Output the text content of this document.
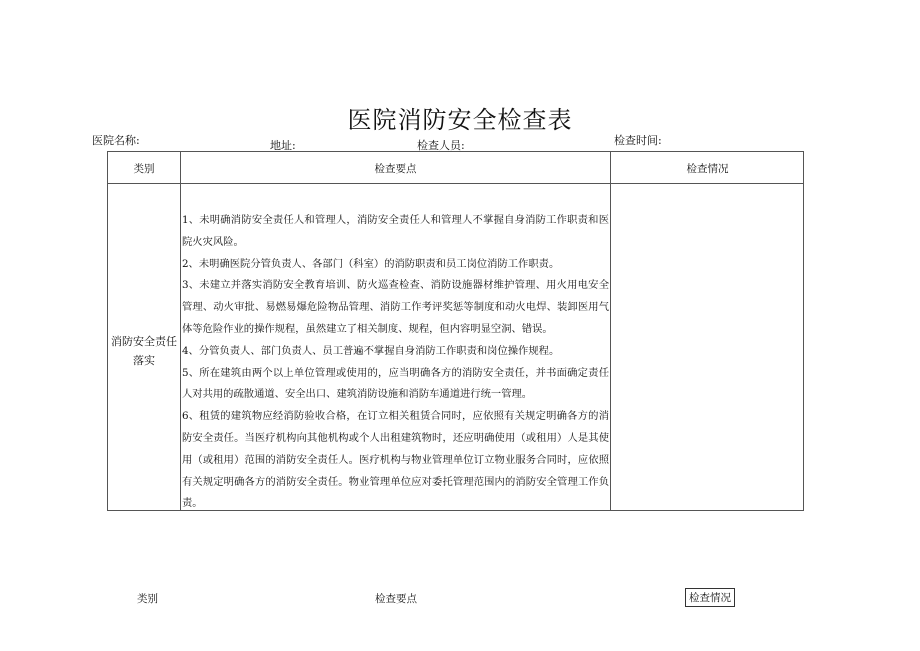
医院消防安全检查表
医院名称:	地址:	检查人员:	检查时间:
类别	检查要点	检查情况
消防安全责任落实

1、未明确消防安全责任人和管理人，消防安全责任人和管理人不掌握自身消防工作职责和医院火灾风险。

2、未明确医院分管负责人、各部门（科室）的消防职责和员工岗位消防工作职责。

3、未建立并落实消防安全教育培训、防火巡查检查、消防设施器材维护管理、用火用电安全管理、动火审批、易燃易爆危险物品管理、消防工作考评奖惩等制度和动火电焊、装卸医用气体等危险作业的操作规程，虽然建立了相关制度、规程，但内容明显空洞、错误。

4、分管负责人、部门负责人、员工普遍不掌握自身消防工作职责和岗位操作规程。

5、所在建筑由两个以上单位管理或使用的，应当明确各方的消防安全责任，并书面确定责任人对共用的疏散通道、安全出口、建筑消防设施和消防车通道进行统一管理。

6、租赁的建筑物应经消防验收合格，在订立相关租赁合同时，应依照有关规定明确各方的消防安全责任。当医疗机构向其他机构或个人出租建筑物时，还应明确使用（或租用）人是其使用（或租用）范围的消防安全责任人。医疗机构与物业管理单位订立物业服务合同时，应依照有关规定明确各方的消防安全责任。物业管理单位应对委托管理范围内的消防安全管理工作负责。

类别	检查要点	检查情况
